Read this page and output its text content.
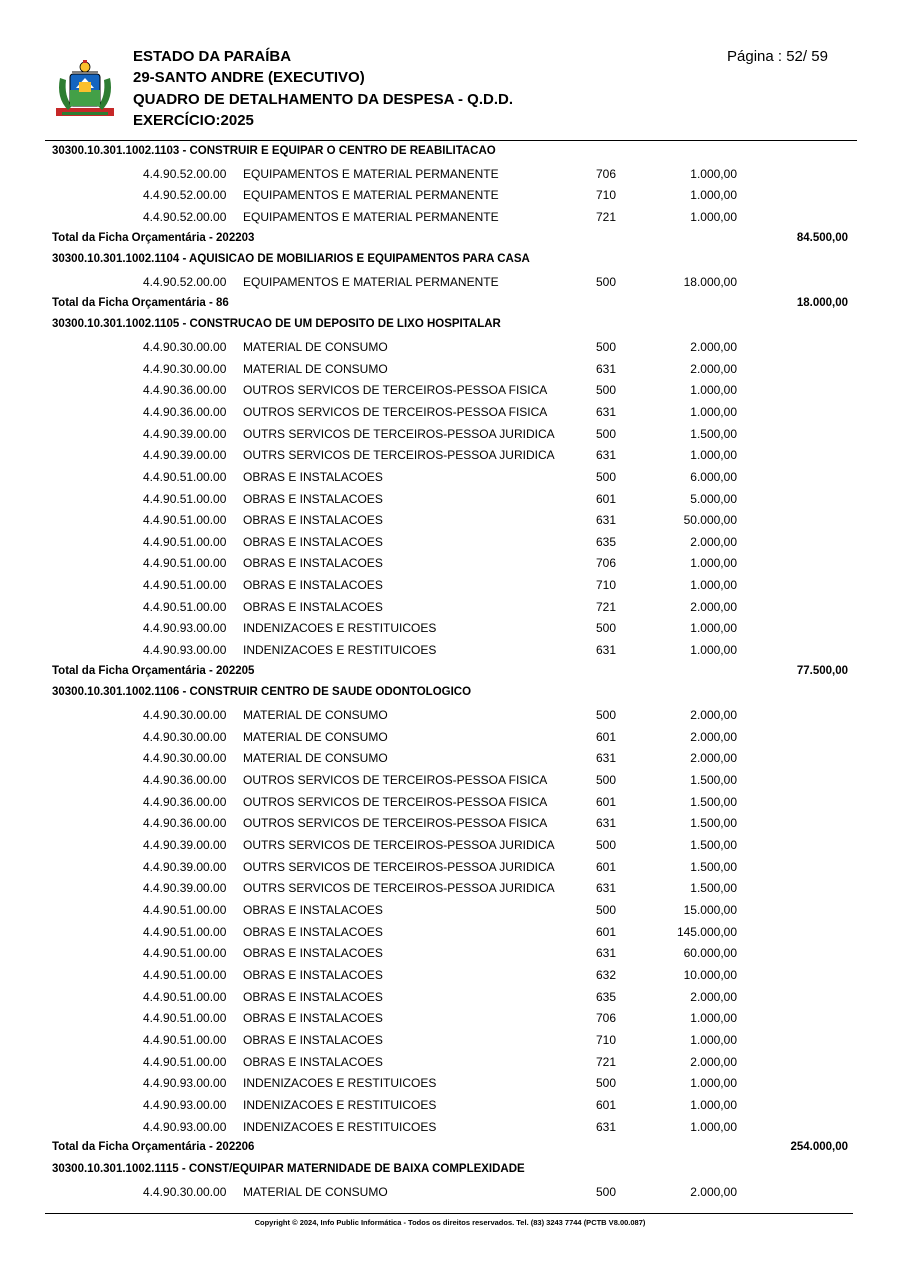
ESTADO DA PARAÍBA
29-SANTO ANDRE (EXECUTIVO)
QUADRO DE DETALHAMENTO DA DESPESA - Q.D.D.
EXERCÍCIO:2025
Página : 52/ 59
30300.10.301.1002.1103 - CONSTRUIR E EQUIPAR O CENTRO DE REABILITACAO
4.4.90.52.00.00 EQUIPAMENTOS E MATERIAL PERMANENTE	706	1.000,00
4.4.90.52.00.00 EQUIPAMENTOS E MATERIAL PERMANENTE	710	1.000,00
4.4.90.52.00.00 EQUIPAMENTOS E MATERIAL PERMANENTE	721	1.000,00
Total da Ficha Orçamentária - 202203	84.500,00
30300.10.301.1002.1104 - AQUISICAO DE MOBILIARIOS E EQUIPAMENTOS PARA CASA
4.4.90.52.00.00 EQUIPAMENTOS E MATERIAL PERMANENTE	500	18.000,00
Total da Ficha Orçamentária - 86	18.000,00
30300.10.301.1002.1105 - CONSTRUCAO DE UM DEPOSITO DE LIXO HOSPITALAR
4.4.90.30.00.00 MATERIAL DE CONSUMO	500	2.000,00
4.4.90.30.00.00 MATERIAL DE CONSUMO	631	2.000,00
4.4.90.36.00.00 OUTROS SERVICOS DE TERCEIROS-PESSOA FISICA	500	1.000,00
4.4.90.36.00.00 OUTROS SERVICOS DE TERCEIROS-PESSOA FISICA	631	1.000,00
4.4.90.39.00.00 OUTRS SERVICOS DE TERCEIROS-PESSOA JURIDICA	500	1.500,00
4.4.90.39.00.00 OUTRS SERVICOS DE TERCEIROS-PESSOA JURIDICA	631	1.000,00
4.4.90.51.00.00 OBRAS E INSTALACOES	500	6.000,00
4.4.90.51.00.00 OBRAS E INSTALACOES	601	5.000,00
4.4.90.51.00.00 OBRAS E INSTALACOES	631	50.000,00
4.4.90.51.00.00 OBRAS E INSTALACOES	635	2.000,00
4.4.90.51.00.00 OBRAS E INSTALACOES	706	1.000,00
4.4.90.51.00.00 OBRAS E INSTALACOES	710	1.000,00
4.4.90.51.00.00 OBRAS E INSTALACOES	721	2.000,00
4.4.90.93.00.00 INDENIZACOES E RESTITUICOES	500	1.000,00
4.4.90.93.00.00 INDENIZACOES E RESTITUICOES	631	1.000,00
Total da Ficha Orçamentária - 202205	77.500,00
30300.10.301.1002.1106 - CONSTRUIR CENTRO DE SAUDE ODONTOLOGICO
4.4.90.30.00.00 MATERIAL DE CONSUMO	500	2.000,00
4.4.90.30.00.00 MATERIAL DE CONSUMO	601	2.000,00
4.4.90.30.00.00 MATERIAL DE CONSUMO	631	2.000,00
4.4.90.36.00.00 OUTROS SERVICOS DE TERCEIROS-PESSOA FISICA	500	1.500,00
4.4.90.36.00.00 OUTROS SERVICOS DE TERCEIROS-PESSOA FISICA	601	1.500,00
4.4.90.36.00.00 OUTROS SERVICOS DE TERCEIROS-PESSOA FISICA	631	1.500,00
4.4.90.39.00.00 OUTRS SERVICOS DE TERCEIROS-PESSOA JURIDICA	500	1.500,00
4.4.90.39.00.00 OUTRS SERVICOS DE TERCEIROS-PESSOA JURIDICA	601	1.500,00
4.4.90.39.00.00 OUTRS SERVICOS DE TERCEIROS-PESSOA JURIDICA	631	1.500,00
4.4.90.51.00.00 OBRAS E INSTALACOES	500	15.000,00
4.4.90.51.00.00 OBRAS E INSTALACOES	601	145.000,00
4.4.90.51.00.00 OBRAS E INSTALACOES	631	60.000,00
4.4.90.51.00.00 OBRAS E INSTALACOES	632	10.000,00
4.4.90.51.00.00 OBRAS E INSTALACOES	635	2.000,00
4.4.90.51.00.00 OBRAS E INSTALACOES	706	1.000,00
4.4.90.51.00.00 OBRAS E INSTALACOES	710	1.000,00
4.4.90.51.00.00 OBRAS E INSTALACOES	721	2.000,00
4.4.90.93.00.00 INDENIZACOES E RESTITUICOES	500	1.000,00
4.4.90.93.00.00 INDENIZACOES E RESTITUICOES	601	1.000,00
4.4.90.93.00.00 INDENIZACOES E RESTITUICOES	631	1.000,00
Total da Ficha Orçamentária - 202206	254.000,00
30300.10.301.1002.1115 - CONST/EQUIPAR MATERNIDADE DE BAIXA COMPLEXIDADE
4.4.90.30.00.00 MATERIAL DE CONSUMO	500	2.000,00
Copyright © 2024, Info Public Informática - Todos os direitos reservados. Tel. (83) 3243 7744 (PCTB V8.00.087)
